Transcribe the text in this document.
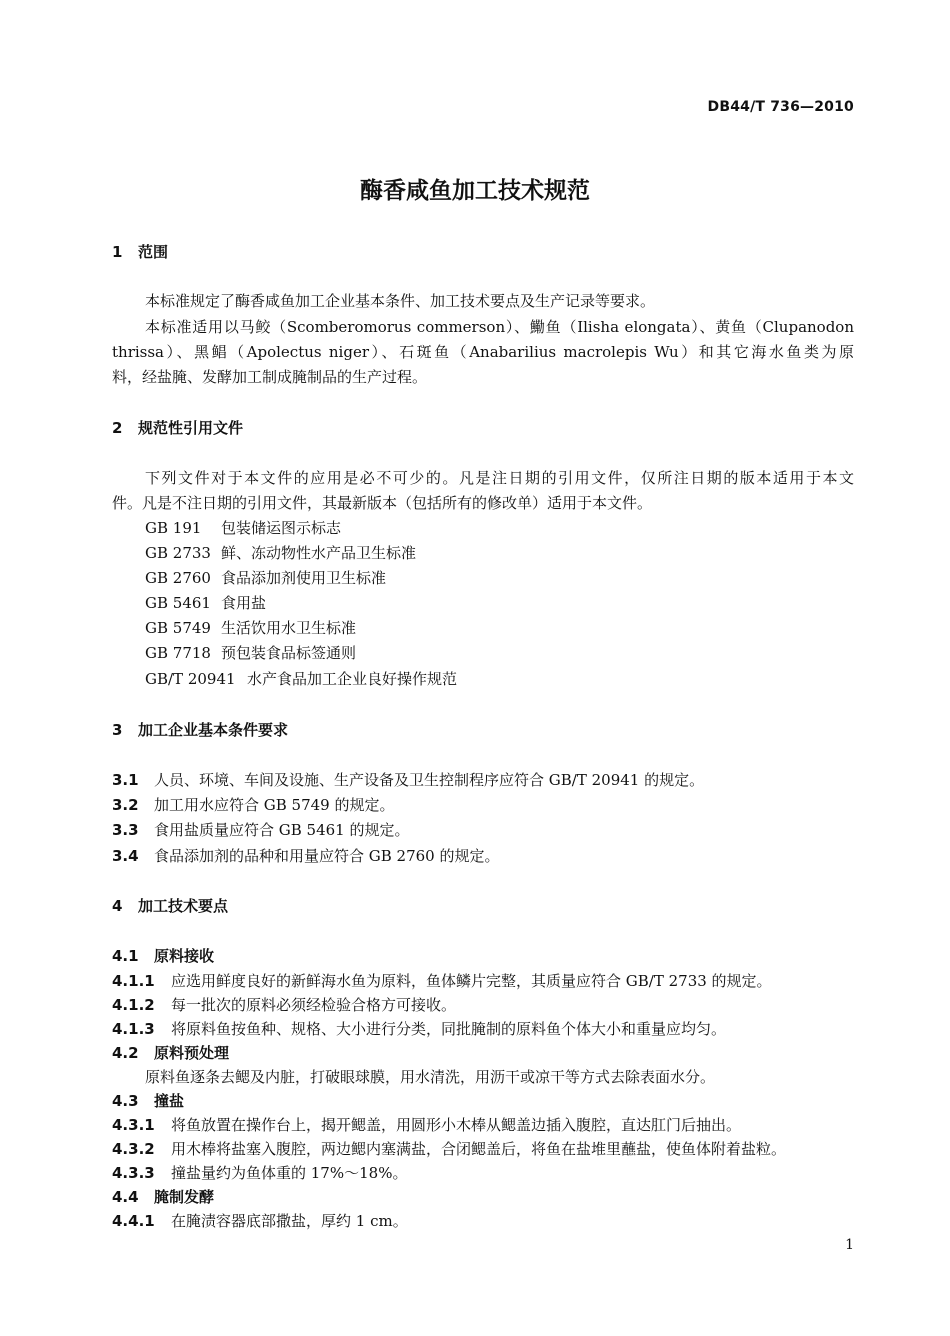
DB44/T 736—2010
酶香咸鱼加工技术规范
1 范围
本标准规定了酶香咸鱼加工企业基本条件、加工技术要点及生产记录等要求。
本标准适用以马鲛（Scomberomorus commerson）、鰳鱼（Ilisha elongata）、黄鱼（Clupanodon
thrissa）、黑鲳（Apolectus niger）、石斑鱼（Anabarilius macrolepis Wu）和其它海水鱼类为原
料，经盐腌、发酵加工制成腌制品的生产过程。
2 规范性引用文件
下列文件对于本文件的应用是必不可少的。凡是注日期的引用文件，仅所注日期的版本适用于本文
件。凡是不注日期的引用文件，其最新版本（包括所有的修改单）适用于本文件。
GB 191 包装储运图示标志
GB 2733 鲜、冻动物性水产品卫生标准
GB 2760 食品添加剂使用卫生标准
GB 5461 食用盐
GB 5749 生活饮用水卫生标准
GB 7718 预包装食品标签通则
GB/T 20941 水产食品加工企业良好操作规范
3 加工企业基本条件要求
3.1 人员、环境、车间及设施、生产设备及卫生控制程序应符合 GB/T 20941 的规定。
3.2 加工用水应符合 GB 5749 的规定。
3.3 食用盐质量应符合 GB 5461 的规定。
3.4 食品添加剂的品种和用量应符合 GB 2760 的规定。
4 加工技术要点
4.1 原料接收
4.1.1 应选用鲜度良好的新鲜海水鱼为原料，鱼体鳞片完整，其质量应符合 GB/T 2733 的规定。
4.1.2 每一批次的原料必须经检验合格方可接收。
4.1.3 将原料鱼按鱼种、规格、大小进行分类，同批腌制的原料鱼个体大小和重量应均匀。
4.2 原料预处理
原料鱼逐条去鳃及内脏，打破眼球膜，用水清洗，用沥干或凉干等方式去除表面水分。
4.3 撞盐
4.3.1 将鱼放置在操作台上，揭开鳃盖，用圆形小木棒从鳃盖边插入腹腔，直达肛门后抽出。
4.3.2 用木棒将盐塞入腹腔，两边鳃内塞满盐，合闭鳃盖后，将鱼在盐堆里蘸盐，使鱼体附着盐粒。
4.3.3 撞盐量约为鱼体重的 17%～18%。
4.4 腌制发酵
4.4.1 在腌渍容器底部撒盐，厚约 1 cm。
1
